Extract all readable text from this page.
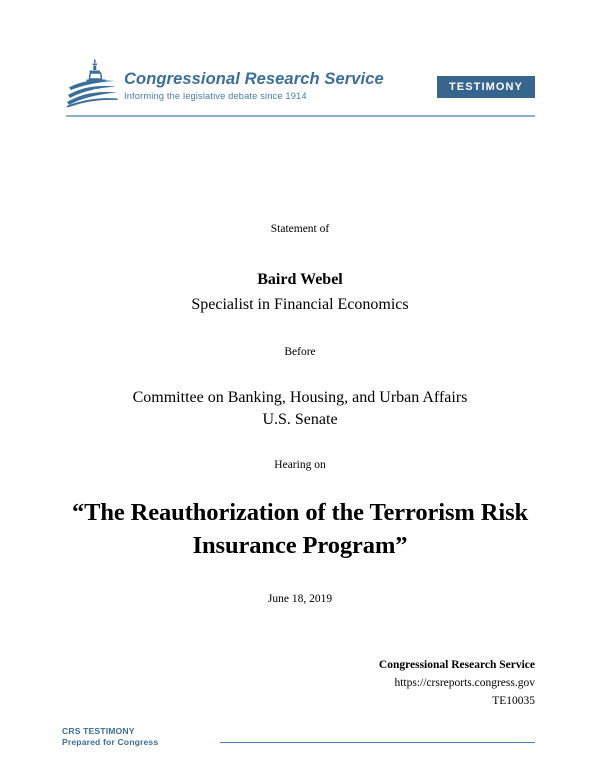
Congressional Research Service
Informing the legislative debate since 1914
TESTIMONY
Statement of
Baird Webel
Specialist in Financial Economics
Before
Committee on Banking, Housing, and Urban Affairs
U.S. Senate
Hearing on
“The Reauthorization of the Terrorism Risk Insurance Program”
June 18, 2019
Congressional Research Service
https://crsreports.congress.gov
TE10035
CRS TESTIMONY
Prepared for Congress
